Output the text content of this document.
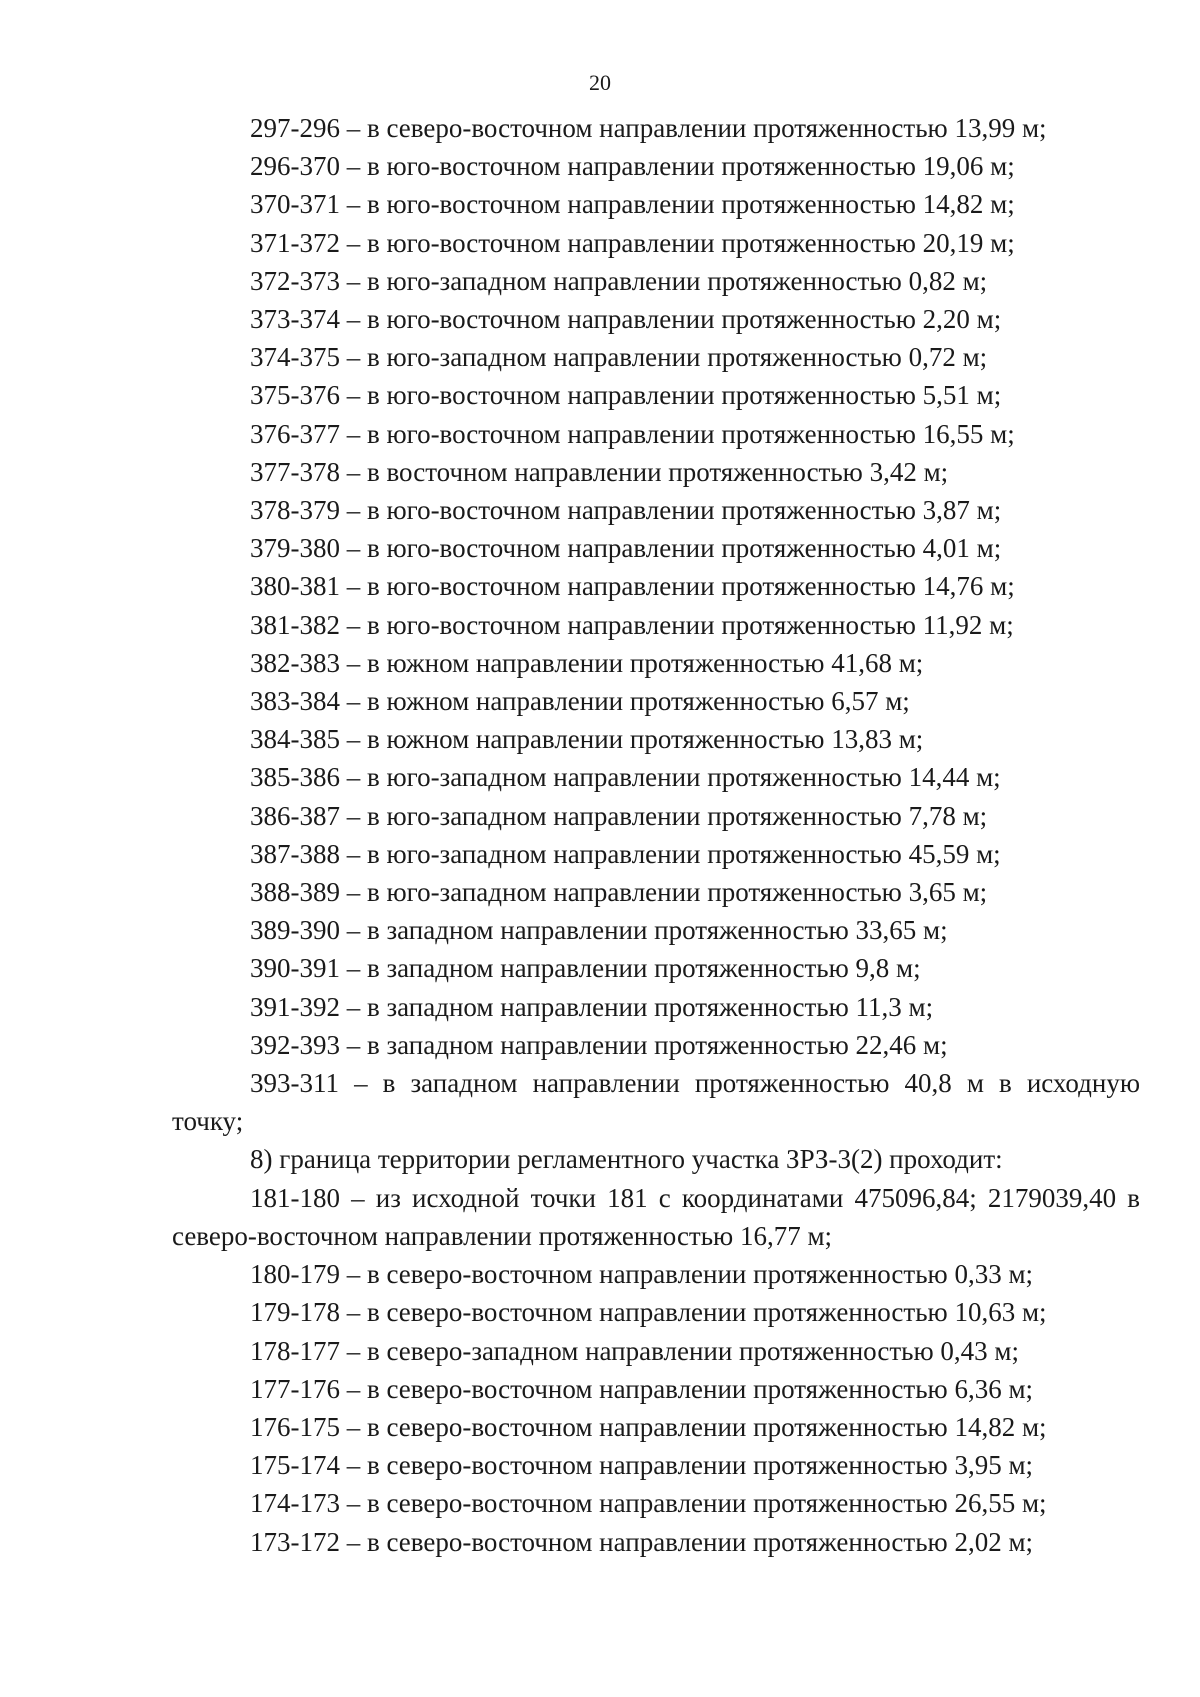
20
297-296 – в северо-восточном направлении протяженностью 13,99 м;
296-370 – в юго-восточном направлении протяженностью 19,06 м;
370-371 – в юго-восточном направлении протяженностью 14,82 м;
371-372 – в юго-восточном направлении протяженностью 20,19 м;
372-373 – в юго-западном направлении протяженностью 0,82 м;
373-374 – в юго-восточном направлении протяженностью 2,20 м;
374-375 – в юго-западном направлении протяженностью 0,72 м;
375-376 – в юго-восточном направлении протяженностью 5,51 м;
376-377 – в юго-восточном направлении протяженностью 16,55 м;
377-378 – в восточном направлении протяженностью 3,42 м;
378-379 – в юго-восточном направлении протяженностью 3,87 м;
379-380 – в юго-восточном направлении протяженностью 4,01 м;
380-381 – в юго-восточном направлении протяженностью 14,76 м;
381-382 – в юго-восточном направлении протяженностью 11,92 м;
382-383 – в южном направлении протяженностью 41,68 м;
383-384 – в южном направлении протяженностью 6,57 м;
384-385 – в южном направлении протяженностью 13,83 м;
385-386 – в юго-западном направлении протяженностью 14,44 м;
386-387 – в юго-западном направлении протяженностью 7,78 м;
387-388 – в юго-западном направлении протяженностью 45,59 м;
388-389 – в юго-западном направлении протяженностью 3,65 м;
389-390 – в западном направлении протяженностью 33,65 м;
390-391 – в западном направлении протяженностью 9,8 м;
391-392 – в западном направлении протяженностью 11,3 м;
392-393 – в западном направлении протяженностью 22,46 м;
393-311 – в западном направлении протяженностью 40,8 м в исходную точку;
8) граница территории регламентного участка ЗРЗ-3(2) проходит:
181-180 – из исходной точки 181 с координатами 475096,84; 2179039,40 в северо-восточном направлении протяженностью 16,77 м;
180-179 – в северо-восточном направлении протяженностью 0,33 м;
179-178 – в северо-восточном направлении протяженностью 10,63 м;
178-177 – в северо-западном направлении протяженностью 0,43 м;
177-176 – в северо-восточном направлении протяженностью 6,36 м;
176-175 – в северо-восточном направлении протяженностью 14,82 м;
175-174 – в северо-восточном направлении протяженностью 3,95 м;
174-173 – в северо-восточном направлении протяженностью 26,55 м;
173-172 – в северо-восточном направлении протяженностью 2,02 м;
